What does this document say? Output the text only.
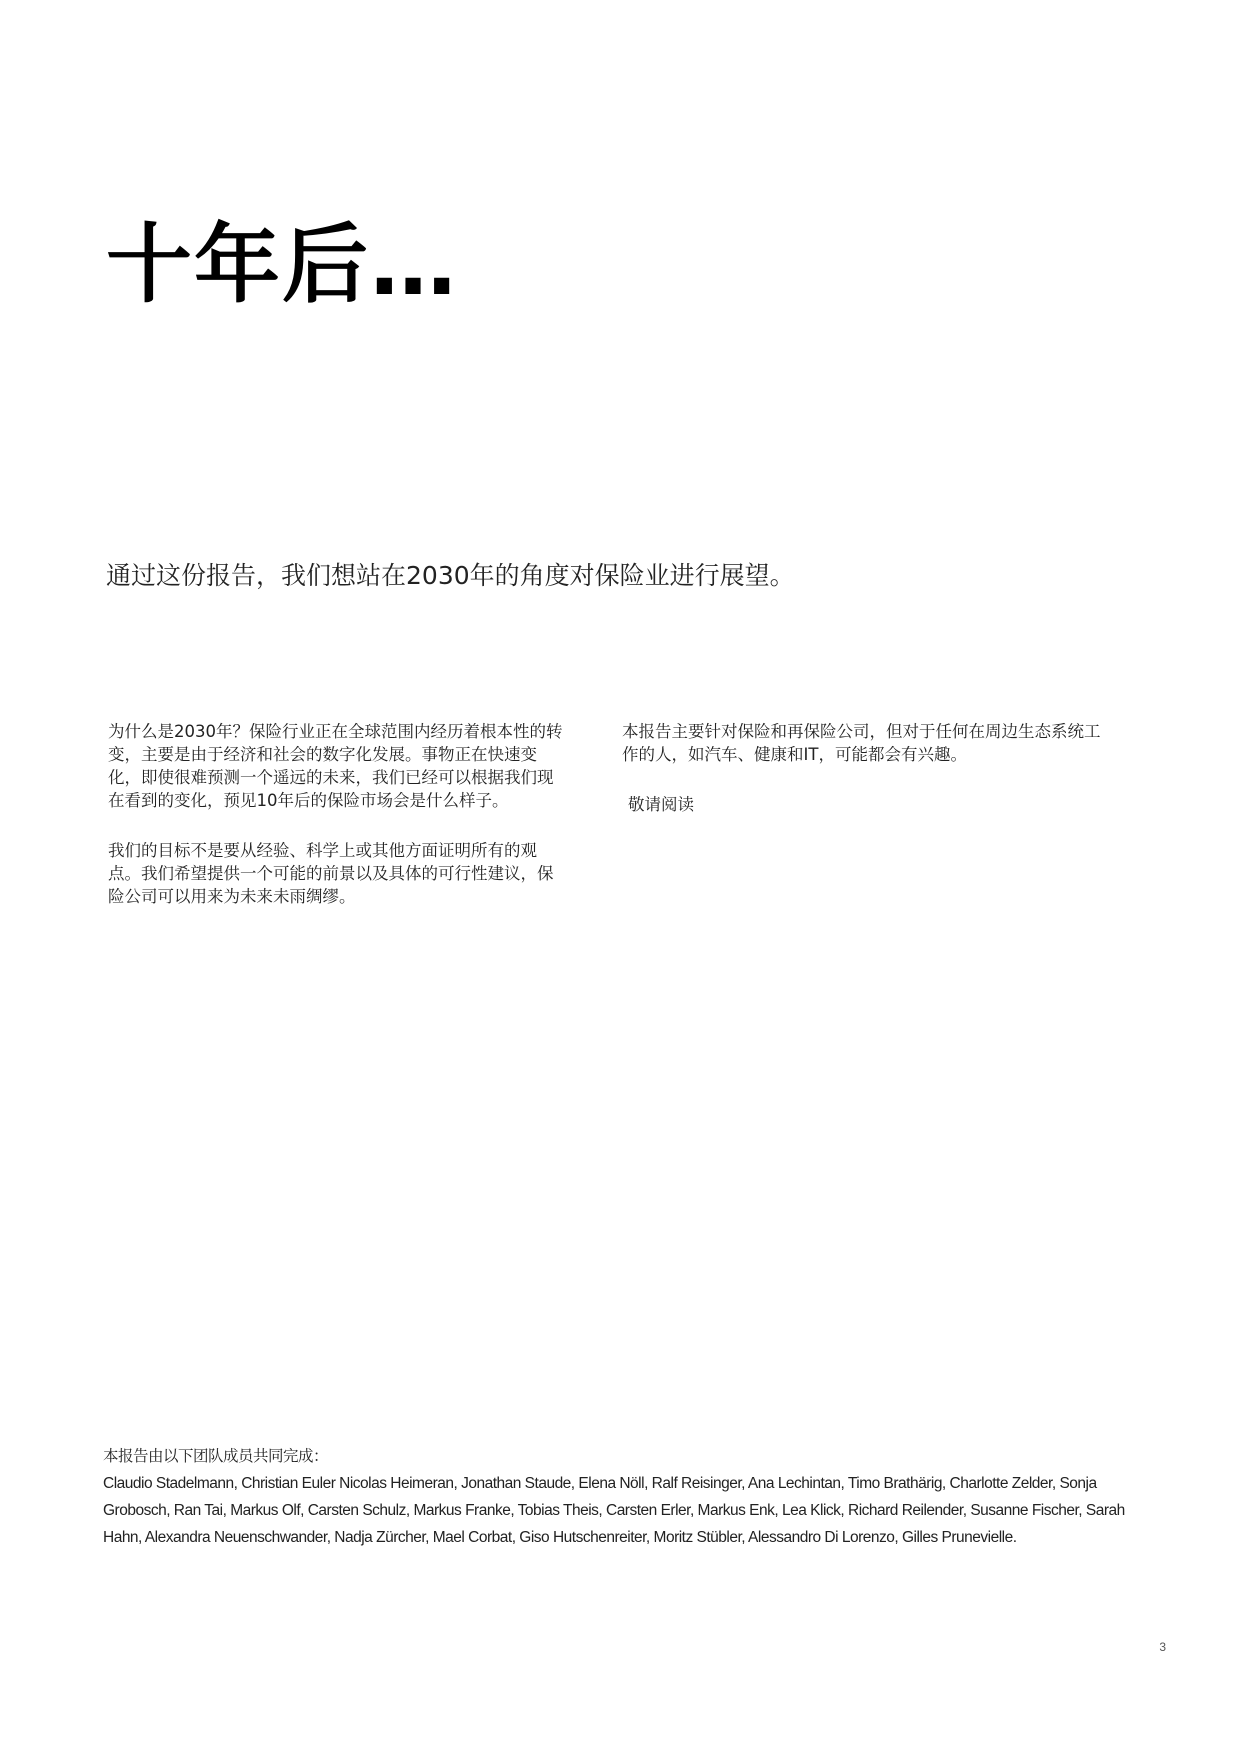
十年后…

通过这份报告，我们想站在2030年的角度对保险业进行展望。

为什么是2030年？保险行业正在全球范围内经历着根本性的转变，主要是由于经济和社会的数字化发展。事物正在快速变化，即使很难预测一个遥远的未来，我们已经可以根据我们现在看到的变化，预见10年后的保险市场会是什么样子。

我们的目标不是要从经验、科学上或其他方面证明所有的观点。我们希望提供一个可能的前景以及具体的可行性建议，保险公司可以用来为未来未雨绸缪。

本报告主要针对保险和再保险公司，但对于任何在周边生态系统工作的人，如汽车、健康和IT，可能都会有兴趣。

敬请阅读

本报告由以下团队成员共同完成：

Claudio Stadelmann, Christian Euler Nicolas Heimeran, Jonathan Staude, Elena Nöll, Ralf Reisinger, Ana Lechintan, Timo Brathärig, Charlotte Zelder, Sonja Grobosch, Ran Tai, Markus Olf, Carsten Schulz, Markus Franke, Tobias Theis, Carsten Erler, Markus Enk, Lea Klick, Richard Reilender, Susanne Fischer, Sarah Hahn, Alexandra Neuenschwander, Nadja Zürcher, Mael Corbat, Giso Hutschenreiter, Moritz Stübler, Alessandro Di Lorenzo, Gilles Prunevielle.

3
